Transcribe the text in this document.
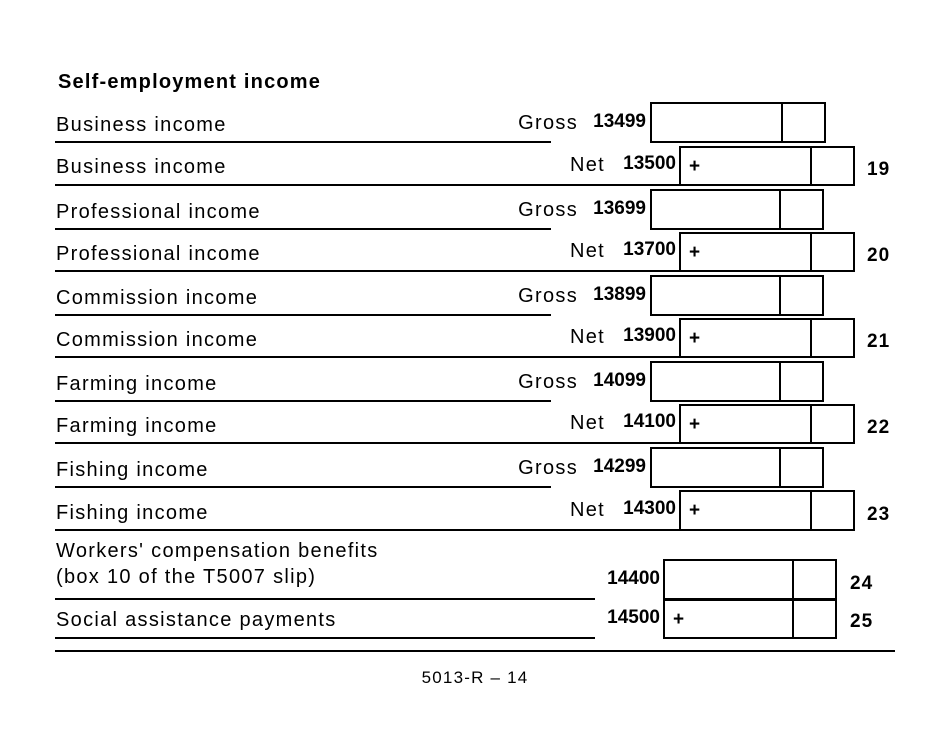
Self-employment income
Business income	Gross 13499
Business income	Net 13500 +	19
Professional income	Gross 13699
Professional income	Net 13700 +	20
Commission income	Gross 13899
Commission income	Net 13900 +	21
Farming income	Gross 14099
Farming income	Net 14100 +	22
Fishing income	Gross 14299
Fishing income	Net 14300 +	23
Workers' compensation benefits
(box 10 of the T5007 slip)	14400	24
Social assistance payments	14500 +	25
5013-R – 14
